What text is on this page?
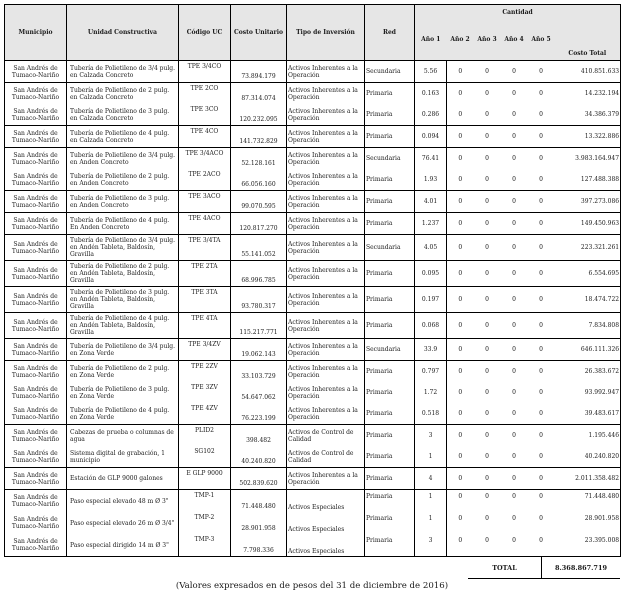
Municipio	Unidad Constructiva	Código UC	Costo Unitario	Tipo de Inversión	Red	Cantidad					
						Año 1	Año 2	Año 3	Año 4	Año 5	Costo Total
San Andrés de Tumaco-Nariño	Tubería de Polietileno de 3/4 pulg. en Calzada Concreto	TPE 3/4CO	73.894.179	Activos Inherentes a la Operación	Secundaria	5.56	0	0	0	0	410.851.633
San Andrés de Tumaco-Nariño	Tubería de Polietileno de 2 pulg. en Calzada Concreto	TPE 2CO	87.314.074	Activos Inherentes a la Operación	Primaria	0.163	0	0	0	0	14.232.194
San Andrés de Tumaco-Nariño	Tubería de Polietileno de 3 pulg. en Calzada Concreto	TPE 3CO	120.232.095	Activos Inherentes a la Operación	Primaria	0.286	0	0	0	0	34.386.379
San Andrés de Tumaco-Nariño	Tubería de Polietileno de 4 pulg. en Calzada Concreto	TPE 4CO	141.732.829	Activos Inherentes a la Operación	Primaria	0.094	0	0	0	0	13.322.886
San Andrés de Tumaco-Nariño	Tubería de Polietileno de 3/4 pulg. en Anden Concreto	TPE 3/4ACO	52.128.161	Activos Inherentes a la Operación	Secundaria	76.41	0	0	0	0	3.983.164.947
San Andrés de Tumaco-Nariño	Tubería de Polietileno de 2 pulg. en Anden Concreto	TPE 2ACO	66.056.160	Activos Inherentes a la Operación	Primaria	1.93	0	0	0	0	127.488.388
San Andrés de Tumaco-Nariño	Tubería de Polietileno de 3 pulg. en Anden Concreto	TPE 3ACO	99.070.595	Activos Inherentes a la Operación	Primaria	4.01	0	0	0	0	397.273.086
San Andrés de Tumaco-Nariño	Tubería de Polietileno de 4 pulg. En Anden Concreto	TPE 4ACO	120.817.270	Activos Inherentes a la Operación	Primaria	1.237	0	0	0	0	149.450.963
San Andrés de Tumaco-Nariño	Tubería de Polietileno de 3/4 pulg. en Andén Tableta, Baldosín, Gravilla	TPE 3/4TA	55.141.052	Activos Inherentes a la Operación	Secundaria	4.05	0	0	0	0	223.321.261
San Andrés de Tumaco-Nariño	Tubería de Polietileno de 2 pulg. en Andén Tableta, Baldosín, Gravilla	TPE 2TA	68.996.785	Activos Inherentes a la Operación	Primaria	0.095	0	0	0	0	6.554.695
San Andrés de Tumaco-Nariño	Tubería de Polietileno de 3 pulg. en Andén Tableta, Baldosín, Gravilla	TPE 3TA	93.780.317	Activos Inherentes a la Operación	Primaria	0.197	0	0	0	0	18.474.722
San Andrés de Tumaco-Nariño	Tubería de Polietileno de 4 pulg. en Andén Tableta, Baldosín, Gravilla	TPE 4TA	115.217.771	Activos Inherentes a la Operación	Primaria	0.068	0	0	0	0	7.834.808
San Andrés de Tumaco-Nariño	Tubería de Polietileno de 3/4 pulg. en Zona Verde	TPE 3/4ZV	19.062.143	Activos Inherentes a la Operación	Secundaria	33.9	0	0	0	0	646.111.326
San Andrés de Tumaco-Nariño	Tubería de Polietileno de 2 pulg. en Zona Verde	TPE 2ZV	33.103.729	Activos Inherentes a la Operación	Primaria	0.797	0	0	0	0	26.383.672
San Andrés de Tumaco-Nariño	Tubería de Polietileno de 3 pulg. en Zona Verde	TPE 3ZV	54.647.062	Activos Inherentes a la Operación	Primaria	1.72	0	0	0	0	93.992.947
San Andrés de Tumaco-Nariño	Tubería de Polietileno de 4 pulg. en Zona Verde	TPE 4ZV	76.223.199	Activos Inherentes a la Operación	Primaria	0.518	0	0	0	0	39.483.617
San Andrés de Tumaco-Nariño	Cabezas de prueba o columnas de agua	PLID2	398.482	Activos de Control de Calidad	Primaria	3	0	0	0	0	1.195.446
San Andrés de Tumaco-Nariño	Sistema digital de grabación, 1 municipio	SG102	40.240.820	Activos de Control de Calidad	Primaria	1	0	0	0	0	40.240.820
San Andrés de Tumaco-Nariño	Estación de GLP 9000 galones	E GLP 9000	502.839.620	Activos Inherentes a la Operación	Primaria	4	0	0	0	0	2.011.358.482
San Andrés de Tumaco-Nariño	Paso especial elevado 48 m Ø 3"	TMP-1	71.448.480	Activos Especiales	Primaria	1	0	0	0	0	71.448.480
San Andrés de Tumaco-Nariño	Paso especial elevado 26 m Ø 3/4"	TMP-2	28.901.958	Activos Especiales	Primaria	1	0	0	0	0	28.901.958
San Andrés de Tumaco-Nariño	Paso especial dirigido 14 m Ø 3"	TMP-3	7.798.336	Activos Especiales	Primaria	3	0	0	0	0	23.395.008
TOTAL	8.368.867.719
(Valores expresados en de pesos del 31 de diciembre de 2016)
